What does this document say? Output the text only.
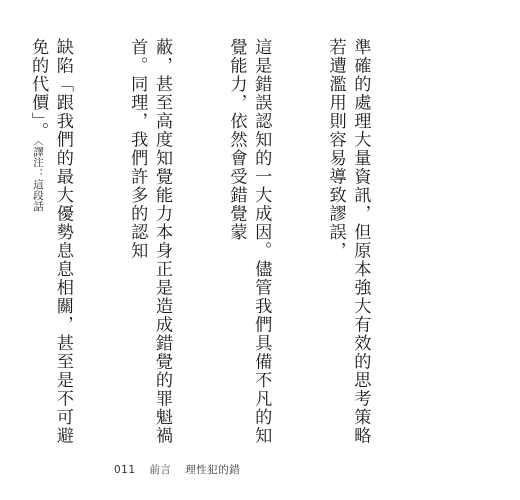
準確的處理大量資訊，但原本強大有效的思考策略若遭濫用則容易導致謬誤，

這是錯誤認知的一大成因。儘管我們具備不凡的知覺能力，依然會受錯覺蒙

蔽，甚至高度知覺能力本身正是造成錯覺的罪魁禍首。同理，我們許多的認知

缺陷「跟我們的最大優勢息息相關，甚至是不可避免的代價」。〈譯注：這段話

011 前言 理性犯的錯
